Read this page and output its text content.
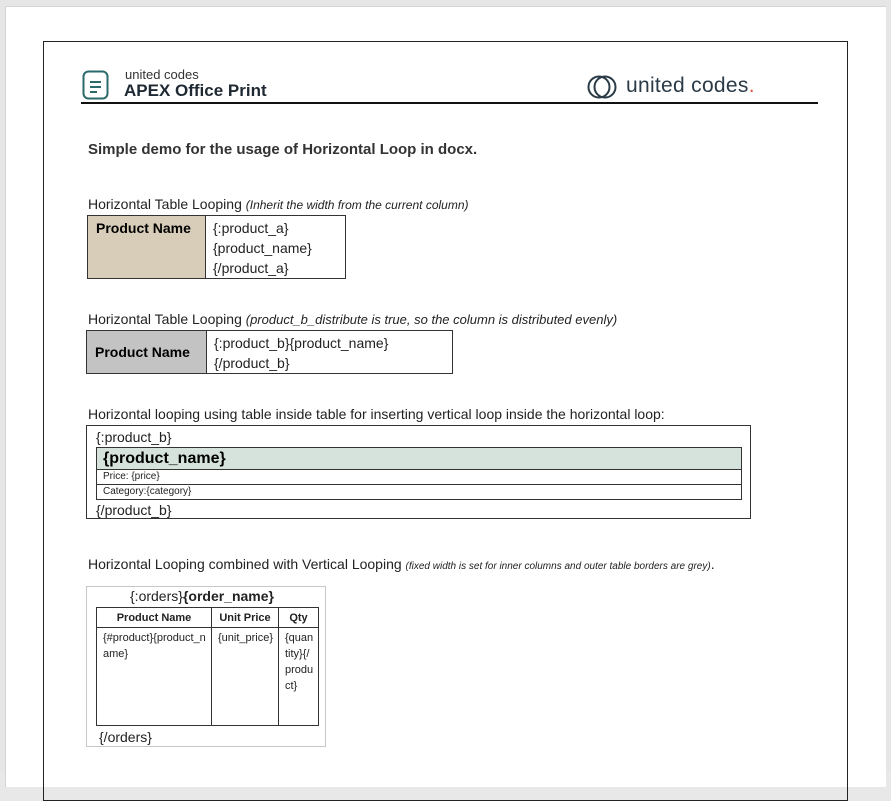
united codes
APEX Office Print	united codes.
Simple demo for the usage of Horizontal Loop in docx.
Horizontal Table Looping (Inherit the width from the current column)
Product Name	{:product_a}
{product_name}
{/product_a}
Horizontal Table Looping (product_b_distribute is true, so the column is distributed evenly)
Product Name	
{:product_b}{product_name}
{/product_b}
Horizontal looping using table inside table for inserting vertical loop inside the horizontal loop:
{:product_b}
{product_name}
Price: {price}
Category:{category}
{/product_b}
Horizontal Looping combined with Vertical Looping (fixed width is set for inner columns and outer table borders are grey).
{:orders}{order_name}
Product Name	Unit Price	Qty
{#product}{product_name}	{unit_price}	{quantity}{/product}
{/orders}
